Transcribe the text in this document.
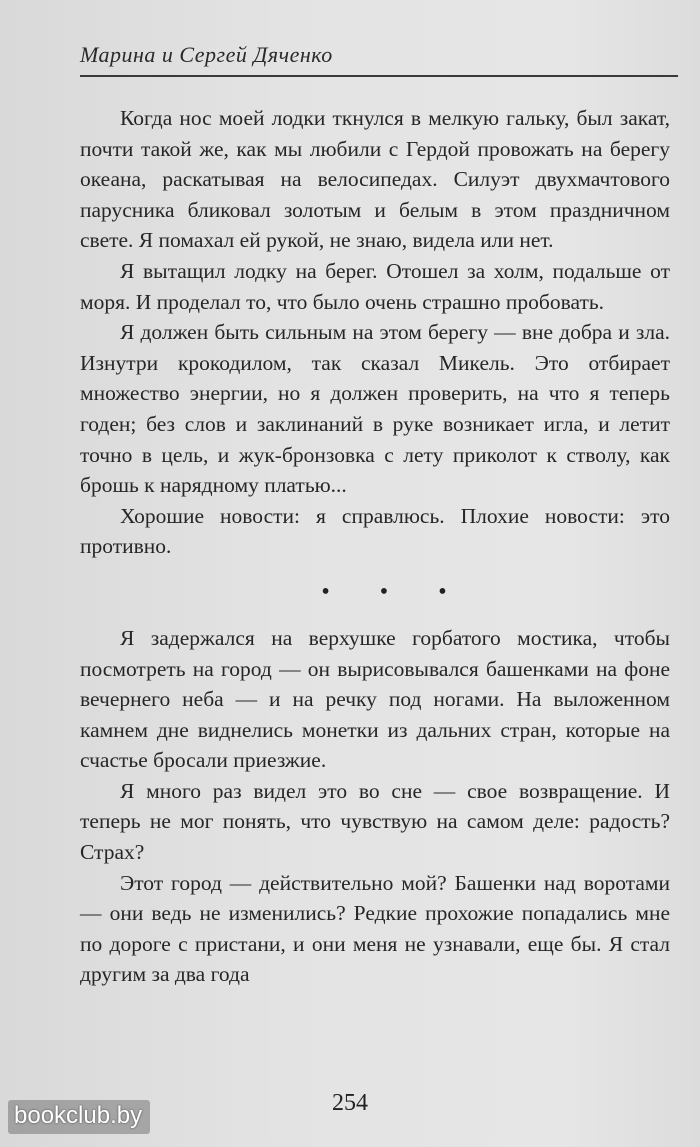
Марина и Сергей Дяченко

Когда нос моей лодки ткнулся в мелкую гальку, был закат, почти такой же, как мы любили с Гердой провожать на берегу океана, раскатывая на велосипедах. Силуэт двухмачтового парусника бликовал золотым и белым в этом праздничном свете. Я помахал ей рукой, не знаю, видела или нет.

Я вытащил лодку на берег. Отошел за холм, подальше от моря. И проделал то, что было очень страшно пробовать.

Я должен быть сильным на этом берегу — вне добра и зла. Изнутри крокодилом, так сказал Микель. Это отбирает множество энергии, но я должен проверить, на что я теперь годен; без слов и заклинаний в руке возникает игла, и летит точно в цель, и жук-бронзовка с лету приколот к стволу, как брошь к нарядному платью...

Хорошие новости: я справлюсь. Плохие новости: это противно.

• • •

Я задержался на верхушке горбатого мостика, чтобы посмотреть на город — он вырисовывался башенками на фоне вечернего неба — и на речку под ногами. На выложенном камнем дне виднелись монетки из дальних стран, которые на счастье бросали приезжие.

Я много раз видел это во сне — свое возвращение. И теперь не мог понять, что чувствую на самом деле: радость? Страх?

Этот город — действительно мой? Башенки над воротами — они ведь не изменились? Редкие прохожие попадались мне по дороге с пристани, и они меня не узнавали, еще бы. Я стал другим за два года

254
bookclub.by
